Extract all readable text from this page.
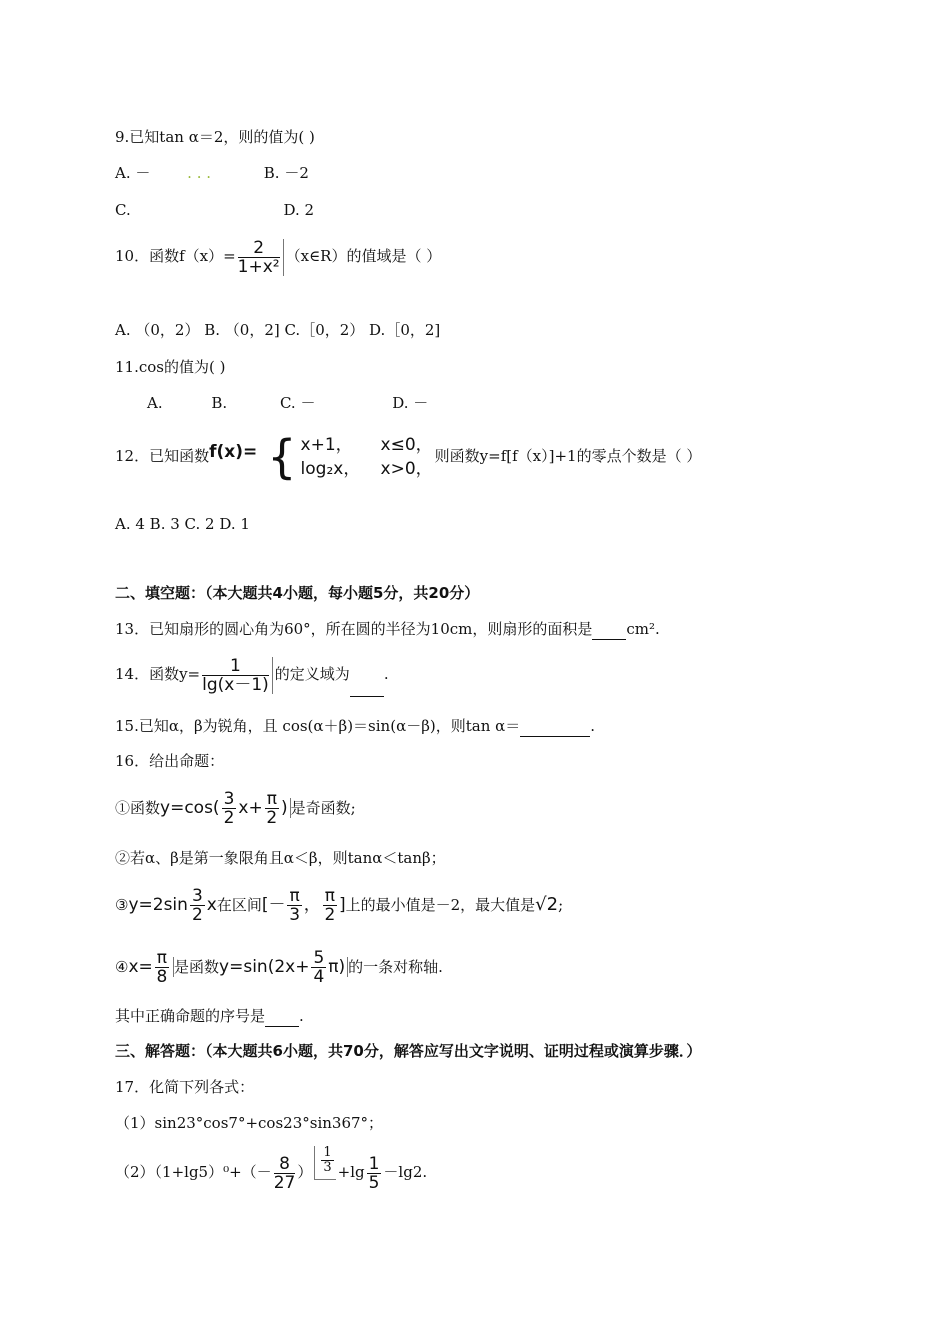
9.已知tan α＝2，则的值为( )
A. － . . .	B. －2
C.	D. 2
10．函数$f(x)= \frac{2}{\text{1+x²}}$ （x∈R）的值域是（ ）
A. （0，2） B. （0，2] C.［0，2） D.［0，2]
11.cos的值为( )
A.	B.	C. －	D. －
12．已知函数f(x)= { x+1， x≤0，
log₂x， x>0，
则函数y=f[f（x）]+1的零点个数是（ ）
A. 4 B. 3 C. 2 D. 1
二、填空题：（本大题共4小题，每小题5分，共20分）
13．已知扇形的圆心角为60°，所在圆的半径为10cm，则扇形的面积是 cm².
14．函数$y= \frac{1}{\lg(x-1)}$ 的定义域为 .
15.已知α，β为锐角，且 cos(α＋β)＝sin(α－β)，则tan α＝	.
16．给出命题：
①函数$y=\cos( \frac{3}{2} x+ \frac{\pi}{2}$ ) 是奇函数;
②若α、β是第一象限角且α＜β，则tanα＜tanβ；
③y=2sin $\frac{3}{2}$ x在区间[－ $\frac{\pi}{3}$ ， $\frac{\pi}{2}$ ]上的最小值是－2，最大值是√2;
④x= $\frac{\pi}{8}$ 是函数$y=\sin(2x+ \frac{5}{4} \pi)$ 的一条对称轴.
其中正确命题的序号是 .
三、解答题：（本大题共6小题，共70分，解答应写出文字说明、证明过程或演算步骤．）
17．化简下列各式：
（1）sin23°cos7°+cos23°sin367°；
$(2)(1+\lg 5)^0+(- \frac{8}{27}$ ） $\frac{1}{3} +\lg \frac{1}{5} -\lg 2$.
